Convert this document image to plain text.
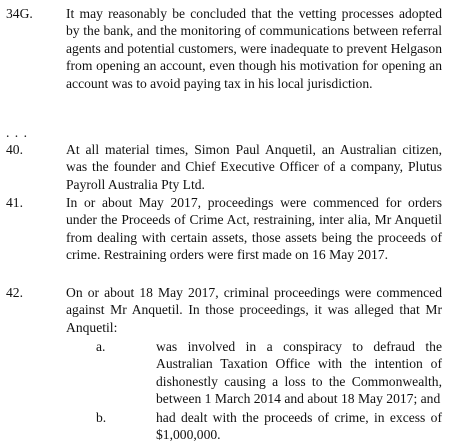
34G. It may reasonably be concluded that the vetting processes adopted by the bank, and the monitoring of communications between referral agents and potential customers, were inadequate to prevent Helgason from opening an account, even though his motivation for opening an account was to avoid paying tax in his local jurisdiction.
. . .
40.	At all material times, Simon Paul Anquetil, an Australian citizen, was the founder and Chief Executive Officer of a company, Plutus Payroll Australia Pty Ltd.
41.	In or about May 2017, proceedings were commenced for orders under the Proceeds of Crime Act, restraining, inter alia, Mr Anquetil from dealing with certain assets, those assets being the proceeds of crime. Restraining orders were first made on 16 May 2017.
42.	On or about 18 May 2017, criminal proceedings were commenced against Mr Anquetil. In those proceedings, it was alleged that Mr Anquetil:
a.	was involved in a conspiracy to defraud the Australian Taxation Office with the intention of dishonestly causing a loss to the Commonwealth, between 1 March 2014 and about 18 May 2017; and
b.	had dealt with the proceeds of crime, in excess of $1,000,000.
